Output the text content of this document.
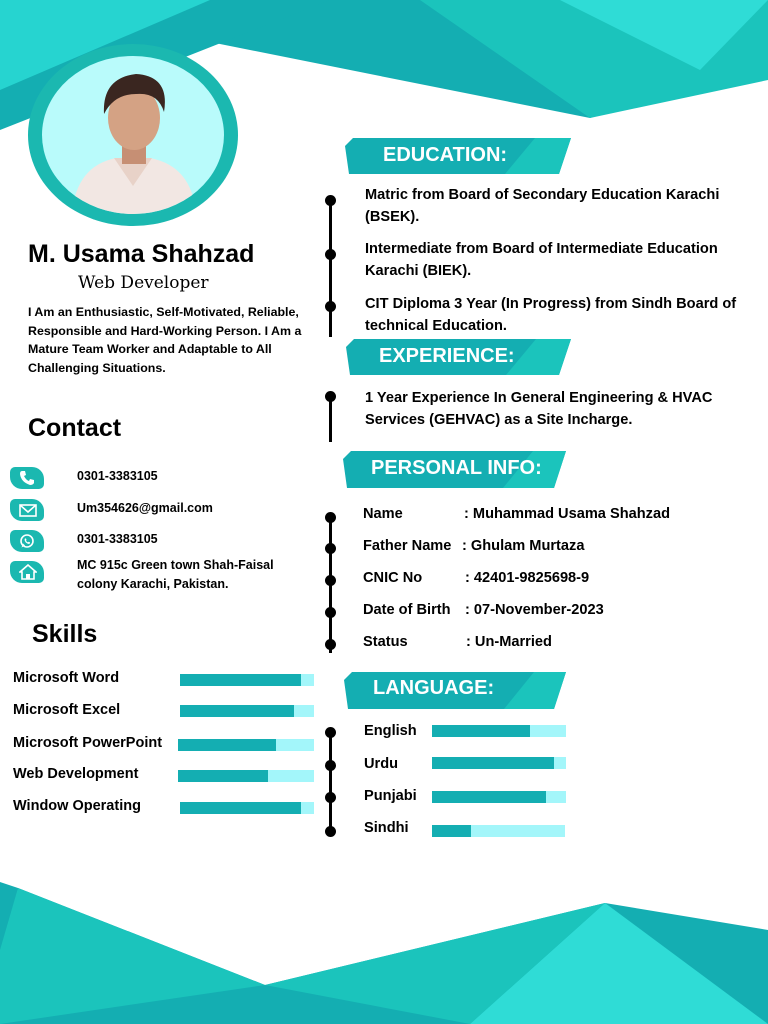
M. Usama Shahzad
Web Developer
I Am an Enthusiastic, Self-Motivated, Reliable, Responsible and Hard-Working Person. I Am a Mature Team Worker and Adaptable to All Challenging Situations.
Contact
0301-3383105
Um354626@gmail.com
0301-3383105
MC 915c Green town Shah-Faisal colony Karachi, Pakistan.
Skills
Microsoft Word
Microsoft Excel
Microsoft PowerPoint
Web Development
Window Operating
EDUCATION:
Matric from Board of Secondary Education Karachi (BSEK).
Intermediate from Board of Intermediate Education Karachi (BIEK).
CIT Diploma 3 Year (In Progress) from Sindh Board of technical Education.
EXPERIENCE:
1 Year Experience In General Engineering & HVAC Services (GEHVAC) as a Site Incharge.
PERSONAL INFO:
Name	: Muhammad Usama Shahzad
Father Name : Ghulam Murtaza
CNIC No	: 42401-9825698-9
Date of Birth : 07-November-2023
Status	: Un-Married
LANGUAGE:
English
Urdu
Punjabi
Sindhi
